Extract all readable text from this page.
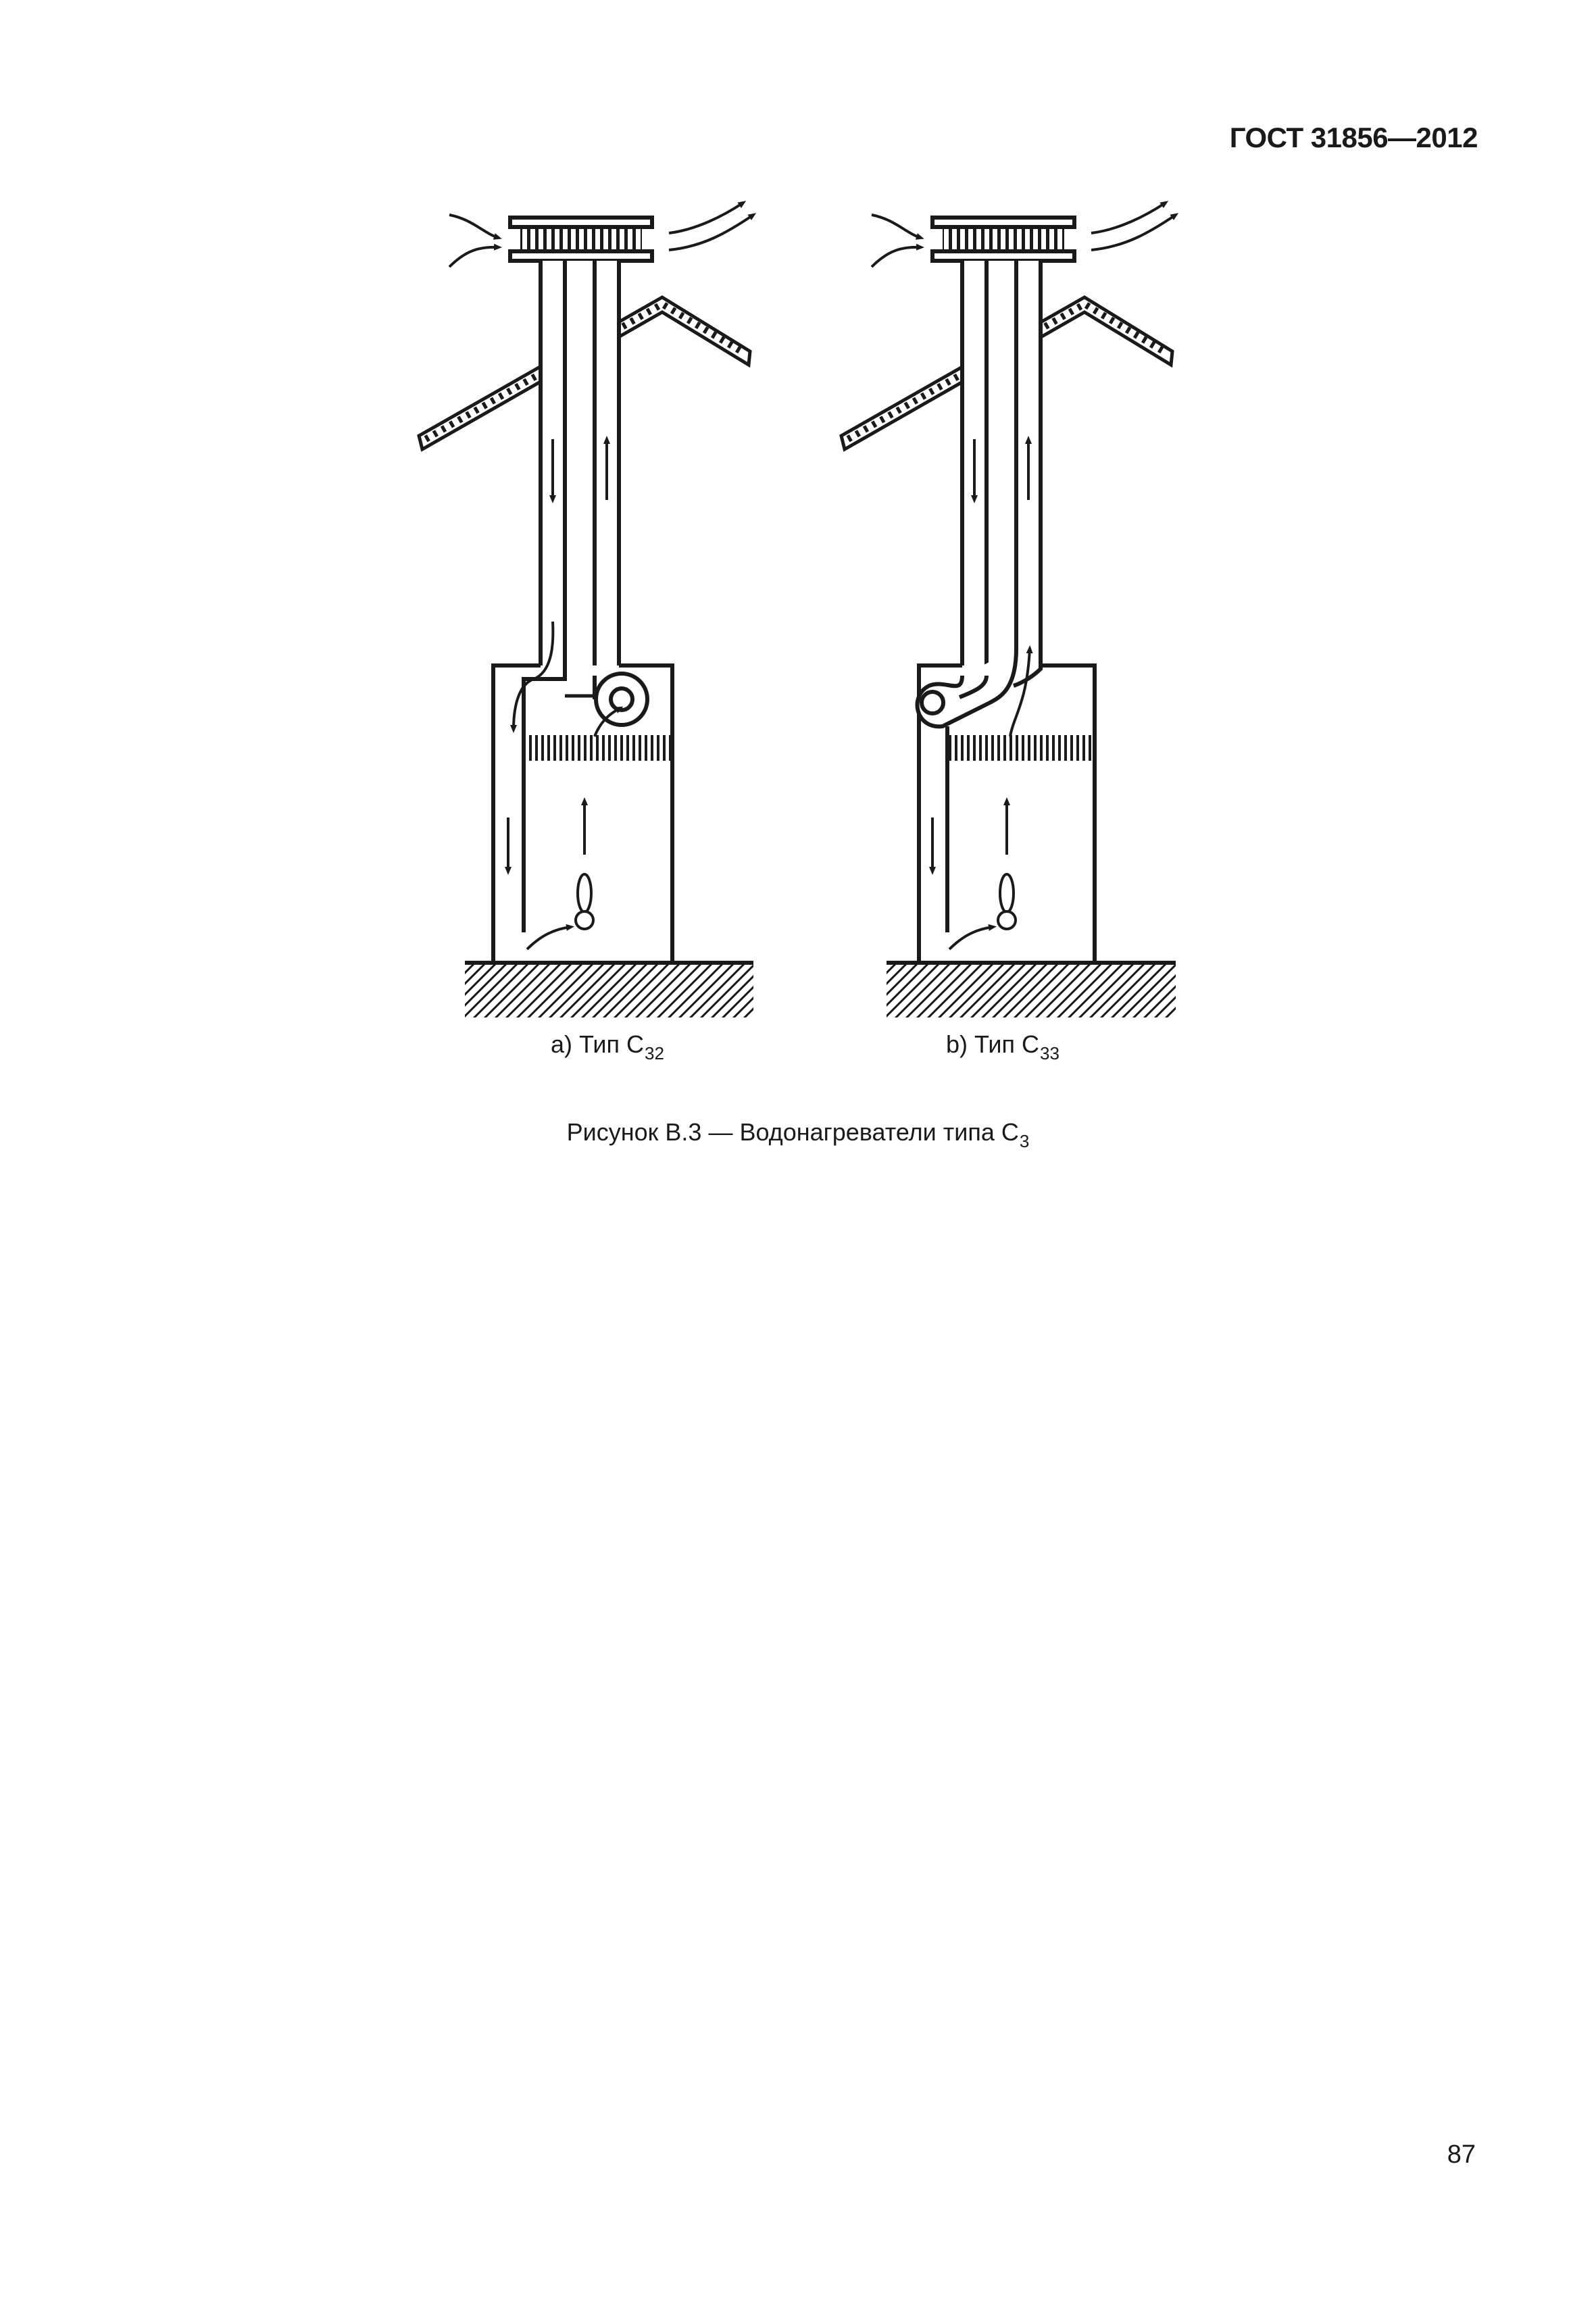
ГОСТ 31856—2012
a) Тип $C_{32}$	b) Тип $C_{33}$
Рисунок В.3 — Водонагреватели типа $C_3$
87
